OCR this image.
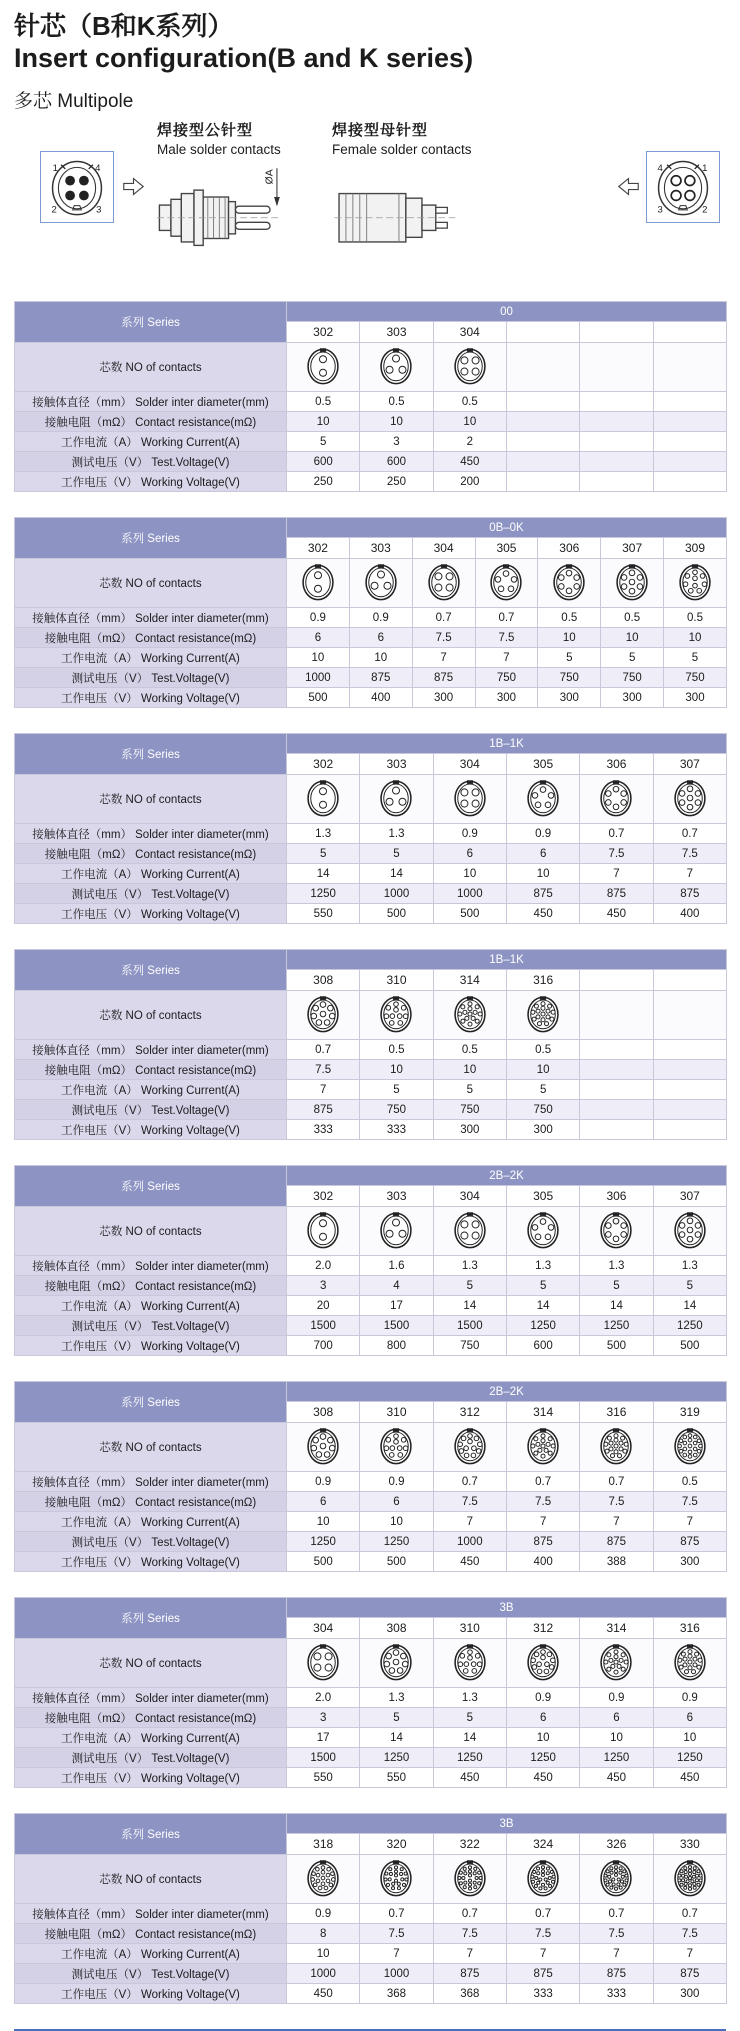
针芯（B和K系列）
Insert configuration(B and K series)
多芯 Multipole
1	4
2	3
焊接型公针型
Male solder contacts
ØA
焊接型母针型
Female solder contacts
4	1
3	2
系列 Series	00					
	302	303	304			
芯数 NO of contacts						
接触体直径（mm） Solder inter diameter(mm)	0.5	0.5	0.5			
接触电阻（mΩ） Contact resistance(mΩ)	10	10	10			
工作电流（A） Working Current(A)	5	3	2			
测试电压（V） Test.Voltage(V)	600	600	450			
工作电压（V） Working Voltage(V)	250	250	200			
系列 Series	0B–0K						
	302	303	304	305	306	307	309
芯数 NO of contacts							
接触体直径（mm） Solder inter diameter(mm)	0.9	0.9	0.7	0.7	0.5	0.5	0.5
接触电阻（mΩ） Contact resistance(mΩ)	6	6	7.5	7.5	10	10	10
工作电流（A） Working Current(A)	10	10	7	7	5	5	5
测试电压（V） Test.Voltage(V)	1000	875	875	750	750	750	750
工作电压（V） Working Voltage(V)	500	400	300	300	300	300	300
系列 Series	1B–1K					
	302	303	304	305	306	307
芯数 NO of contacts						
接触体直径（mm） Solder inter diameter(mm)	1.3	1.3	0.9	0.9	0.7	0.7
接触电阻（mΩ） Contact resistance(mΩ)	5	5	6	6	7.5	7.5
工作电流（A） Working Current(A)	14	14	10	10	7	7
测试电压（V） Test.Voltage(V)	1250	1000	1000	875	875	875
工作电压（V） Working Voltage(V)	550	500	500	450	450	400
系列 Series	1B–1K					
	308	310	314	316		
芯数 NO of contacts						
接触体直径（mm） Solder inter diameter(mm)	0.7	0.5	0.5	0.5		
接触电阻（mΩ） Contact resistance(mΩ)	7.5	10	10	10		
工作电流（A） Working Current(A)	7	5	5	5		
测试电压（V） Test.Voltage(V)	875	750	750	750		
工作电压（V） Working Voltage(V)	333	333	300	300		
系列 Series	2B–2K					
	302	303	304	305	306	307
芯数 NO of contacts						
接触体直径（mm） Solder inter diameter(mm)	2.0	1.6	1.3	1.3	1.3	1.3
接触电阻（mΩ） Contact resistance(mΩ)	3	4	5	5	5	5
工作电流（A） Working Current(A)	20	17	14	14	14	14
测试电压（V） Test.Voltage(V)	1500	1500	1500	1250	1250	1250
工作电压（V） Working Voltage(V)	700	800	750	600	500	500
系列 Series	2B–2K					
	308	310	312	314	316	319
芯数 NO of contacts						
接触体直径（mm） Solder inter diameter(mm)	0.9	0.9	0.7	0.7	0.7	0.5
接触电阻（mΩ） Contact resistance(mΩ)	6	6	7.5	7.5	7.5	7.5
工作电流（A） Working Current(A)	10	10	7	7	7	7
测试电压（V） Test.Voltage(V)	1250	1250	1000	875	875	875
工作电压（V） Working Voltage(V)	500	500	450	400	388	300
系列 Series	3B					
	304	308	310	312	314	316
芯数 NO of contacts						
接触体直径（mm） Solder inter diameter(mm)	2.0	1.3	1.3	0.9	0.9	0.9
接触电阻（mΩ） Contact resistance(mΩ)	3	5	5	6	6	6
工作电流（A） Working Current(A)	17	14	14	10	10	10
测试电压（V） Test.Voltage(V)	1500	1250	1250	1250	1250	1250
工作电压（V） Working Voltage(V)	550	550	450	450	450	450
系列 Series	3B					
	318	320	322	324	326	330
芯数 NO of contacts						
接触体直径（mm） Solder inter diameter(mm)	0.9	0.7	0.7	0.7	0.7	0.7
接触电阻（mΩ） Contact resistance(mΩ)	8	7.5	7.5	7.5	7.5	7.5
工作电流（A） Working Current(A)	10	7	7	7	7	7
测试电压（V） Test.Voltage(V)	1000	1000	875	875	875	875
工作电压（V） Working Voltage(V)	450	368	368	333	333	300
